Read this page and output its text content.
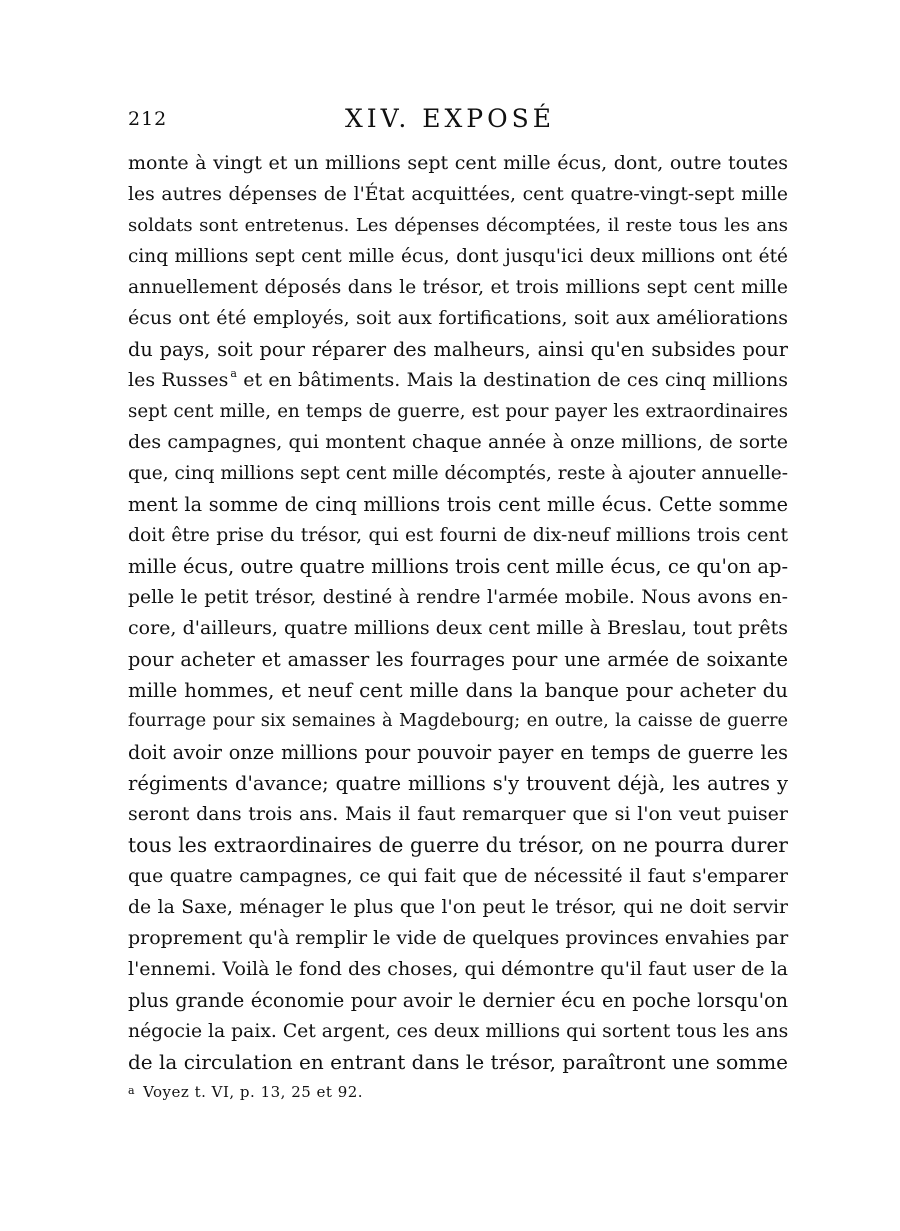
212	XIV. EXPOSÉ
monte à vingt et un millions sept cent mille écus, dont, outre toutes
les autres dépenses de l'État acquittées, cent quatre-vingt-sept mille
soldats sont entretenus. Les dépenses décomptées, il reste tous les ans
cinq millions sept cent mille écus, dont jusqu'ici deux millions ont été
annuellement déposés dans le trésor, et trois millions sept cent mille
écus ont été employés, soit aux fortifications, soit aux améliorations
du pays, soit pour réparer des malheurs, ainsi qu'en subsides pour
les Russes $^a$ et en bâtiments. Mais la destination de ces cinq millions
sept cent mille, en temps de guerre, est pour payer les extraordinaires
des campagnes, qui montent chaque année à onze millions, de sorte
que, cinq millions sept cent mille décomptés, reste à ajouter annuelle-
ment la somme de cinq millions trois cent mille écus. Cette somme
doit être prise du trésor, qui est fourni de dix-neuf millions trois cent
mille écus, outre quatre millions trois cent mille écus, ce qu'on ap-
pelle le petit trésor, destiné à rendre l'armée mobile. Nous avons en-
core, d'ailleurs, quatre millions deux cent mille à Breslau, tout prêts
pour acheter et amasser les fourrages pour une armée de soixante
mille hommes, et neuf cent mille dans la banque pour acheter du
fourrage pour six semaines à Magdebourg; en outre, la caisse de guerre
doit avoir onze millions pour pouvoir payer en temps de guerre les
régiments d'avance; quatre millions s'y trouvent déjà, les autres y
seront dans trois ans. Mais il faut remarquer que si l'on veut puiser
tous les extraordinaires de guerre du trésor, on ne pourra durer
que quatre campagnes, ce qui fait que de nécessité il faut s'emparer
de la Saxe, ménager le plus que l'on peut le trésor, qui ne doit servir
proprement qu'à remplir le vide de quelques provinces envahies par
l'ennemi. Voilà le fond des choses, qui démontre qu'il faut user de la
plus grande économie pour avoir le dernier écu en poche lorsqu'on
négocie la paix. Cet argent, ces deux millions qui sortent tous les ans
de la circulation en entrant dans le trésor, paraîtront une somme
$^a$ Voyez t. VI, p. 13, 25 et 92.
